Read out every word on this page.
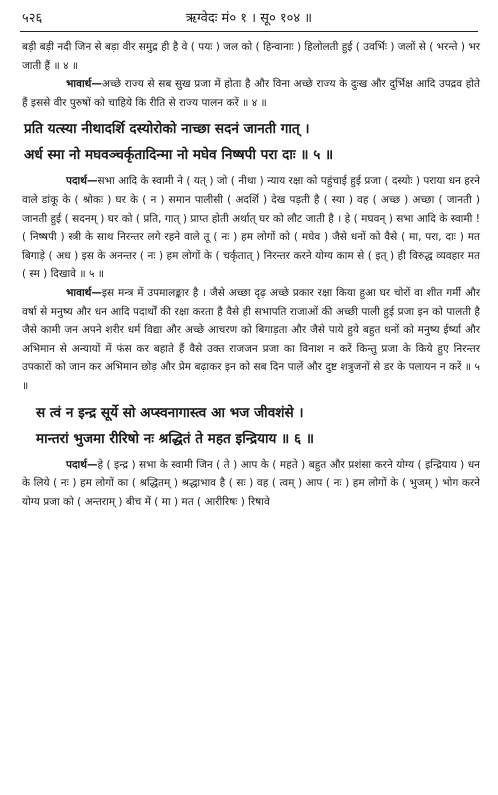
५२६	ऋग्वेदः मं० १ । सू० १०४ ॥

बड़ी बड़ी नदी जिन से बड़ा वीर समुद्र ही है वे ( पयः ) जल को ( हिन्वानाः ) हिलोलती हुई ( उवर्भिः ) जलों से ( भरन्ते ) भर जाती हैं ॥ ४ ॥

भावार्थ—अच्छे राज्य से सब सुख प्रजा में होता है और विना अच्छे राज्य के दुःख और दुर्भिक्ष आदि उपद्रव होते हैं इससे वीर पुरुषों को चाहिये कि रीति से राज्य पालन करें ॥ ४ ॥

प्रति यत्स्या नीथादर्शि दस्योरोको नाच्छा सदनं जानती गात् ।

अर्ध स्मा नो मघवञ्चर्कृतादिन्मा नो मघेव निष्षपी परा दाः ॥ ५ ॥

पदार्थ—सभा आदि के स्वामी ने ( यत् ) जो ( नीथा ) न्याय रक्षा को पहुंचाई हुई प्रजा ( दस्योः ) पराया धन हरने वाले डांकू के ( श्रोकः ) घर के ( न ) समान पालीसी ( अदर्शि ) देख पड़ती है ( स्या ) वह ( अच्छ ) अच्छा ( जानती ) जानती हुई ( सदनम् ) घर को ( प्रति, गात् ) प्राप्त होती अर्थात् घर को लौट जाती है । हे ( मघवन् ) सभा आदि के स्वामी ! ( निष्षपी ) स्त्री के साथ निरन्तर लगे रहने वाले तू ( नः ) हम लोगों को ( मघेव ) जैसे धनों को वैसे ( मा, परा, दाः ) मत बिगाड़े ( अध ) इस के अनन्तर ( नः ) हम लोगों के ( चर्कृतात् ) निरन्तर करने योग्य काम से ( इत् ) ही विरुद्ध व्यवहार मत ( स्म ) दिखावे ॥ ५ ॥

भावार्थ—इस मन्त्र में उपमालङ्कार है । जैसे अच्छा दृढ़ अच्छे प्रकार रक्षा किया हुआ घर चोरों वा शीत गर्मी और वर्षा से मनुष्य और धन आदि पदार्थों की रक्षा करता है वैसे ही सभापति राजाओं की अच्छी पाली हुई प्रजा इन को पालती है जैसे कामी जन अपने शरीर धर्म विद्या और अच्छे आचरण को बिगाड़ता और जैसे पाये हुये बहुत धनों को मनुष्य ईर्ष्या और अभिमान से अन्यायों में फंस कर बहाते हैं वैसे उक्त राजजन प्रजा का विनाश न करें किन्तु प्रजा के किये हुए निरन्तर उपकारों को जान कर अभिमान छोड़ और प्रेम बढ़ाकर इन को सब दिन पालें और दुष्ट शत्रुजनों से डर के पलायन न करें ॥ ५ ॥

स त्वं न इन्द्र सूर्ये सो अप्स्वनागास्त्व आ भज जीवशंसे ।

मान्तरां भुजमा रीरिषो नः श्रद्धितं ते महत इन्द्रियाय ॥ ६ ॥

पदार्थ—हे ( इन्द्र ) सभा के स्वामी जिन ( ते ) आप के ( महते ) बहुत और प्रशंसा करने योग्य ( इन्द्रियाय ) धन के लिये ( नः ) हम लोगों का ( श्रद्धितम् ) श्रद्धाभाव है ( सः ) वह ( त्वम् ) आप ( नः ) हम लोगों के ( भुजम् ) भोग करने योग्य प्रजा को ( अन्तराम् ) बीच में ( मा ) मत ( आरीरिषः ) रिषावे
